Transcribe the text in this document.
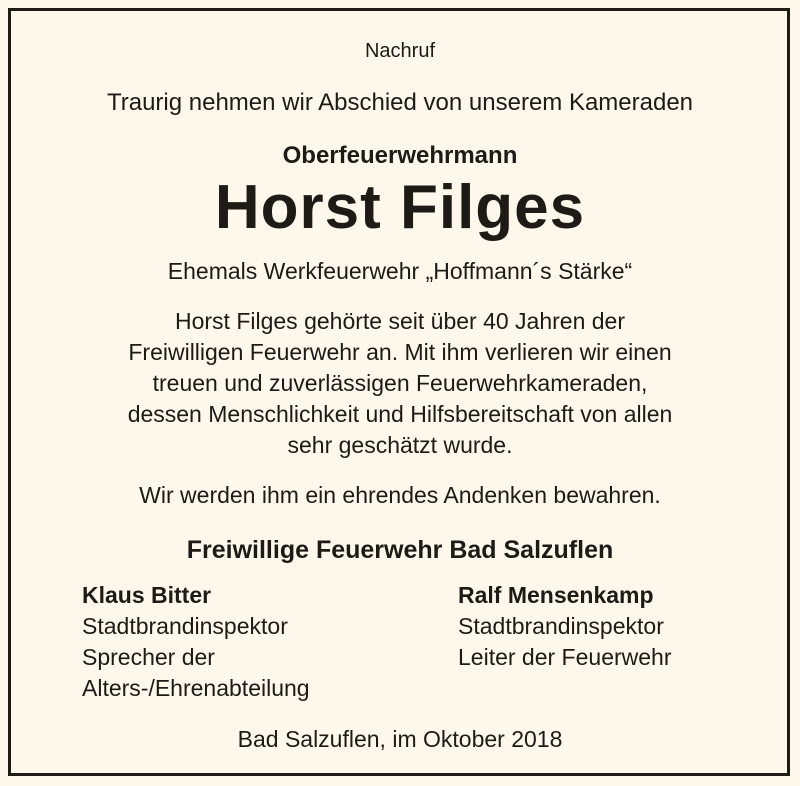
Nachruf
Traurig nehmen wir Abschied von unserem Kameraden
Oberfeuerwehrmann
Horst Filges
Ehemals Werkfeuerwehr „Hoffmann´s Stärke“
Horst Filges gehörte seit über 40 Jahren der
Freiwilligen Feuerwehr an. Mit ihm verlieren wir einen
treuen und zuverlässigen Feuerwehrkameraden,
dessen Menschlichkeit und Hilfsbereitschaft von allen
sehr geschätzt wurde.
Wir werden ihm ein ehrendes Andenken bewahren.
Freiwillige Feuerwehr Bad Salzuflen
Klaus Bitter
Stadtbrandinspektor
Sprecher der
Alters-/Ehrenabteilung
Ralf Mensenkamp
Stadtbrandinspektor
Leiter der Feuerwehr
Bad Salzuflen, im Oktober 2018
